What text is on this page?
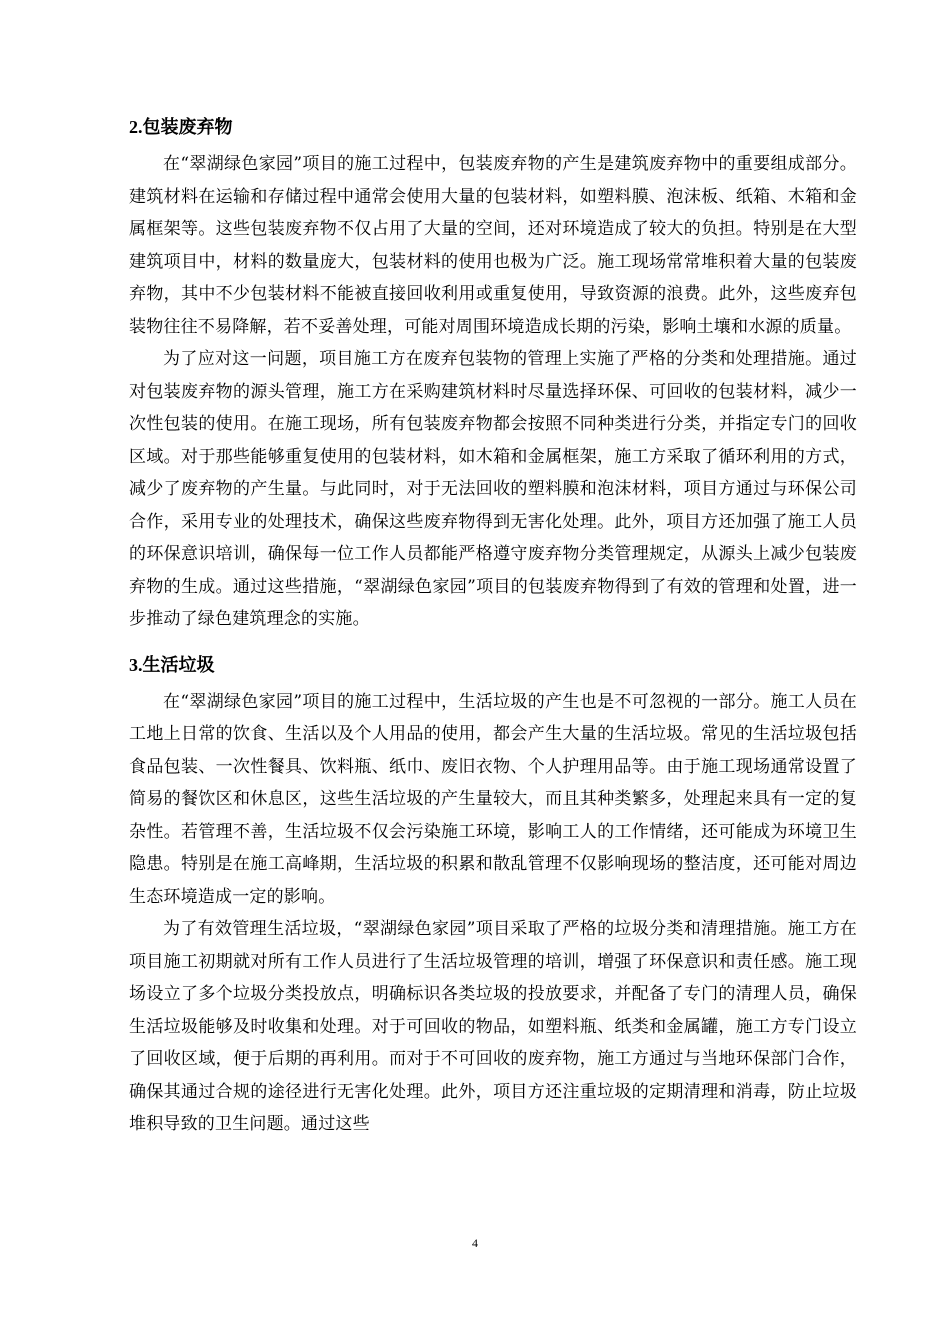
2.包装废弃物

在“翠湖绿色家园”项目的施工过程中，包装废弃物的产生是建筑废弃物中的重要组成部分。建筑材料在运输和存储过程中通常会使用大量的包装材料，如塑料膜、泡沫板、纸箱、木箱和金属框架等。这些包装废弃物不仅占用了大量的空间，还对环境造成了较大的负担。特别是在大型建筑项目中，材料的数量庞大，包装材料的使用也极为广泛。施工现场常常堆积着大量的包装废弃物，其中不少包装材料不能被直接回收利用或重复使用，导致资源的浪费。此外，这些废弃包装物往往不易降解，若不妥善处理，可能对周围环境造成长期的污染，影响土壤和水源的质量。

为了应对这一问题，项目施工方在废弃包装物的管理上实施了严格的分类和处理措施。通过对包装废弃物的源头管理，施工方在采购建筑材料时尽量选择环保、可回收的包装材料，减少一次性包装的使用。在施工现场，所有包装废弃物都会按照不同种类进行分类，并指定专门的回收区域。对于那些能够重复使用的包装材料，如木箱和金属框架，施工方采取了循环利用的方式，减少了废弃物的产生量。与此同时，对于无法回收的塑料膜和泡沫材料，项目方通过与环保公司合作，采用专业的处理技术，确保这些废弃物得到无害化处理。此外，项目方还加强了施工人员的环保意识培训，确保每一位工作人员都能严格遵守废弃物分类管理规定，从源头上减少包装废弃物的生成。通过这些措施，“翠湖绿色家园”项目的包装废弃物得到了有效的管理和处置，进一步推动了绿色建筑理念的实施。

3.生活垃圾

在“翠湖绿色家园”项目的施工过程中，生活垃圾的产生也是不可忽视的一部分。施工人员在工地上日常的饮食、生活以及个人用品的使用，都会产生大量的生活垃圾。常见的生活垃圾包括食品包装、一次性餐具、饮料瓶、纸巾、废旧衣物、个人护理用品等。由于施工现场通常设置了简易的餐饮区和休息区，这些生活垃圾的产生量较大，而且其种类繁多，处理起来具有一定的复杂性。若管理不善，生活垃圾不仅会污染施工环境，影响工人的工作情绪，还可能成为环境卫生隐患。特别是在施工高峰期，生活垃圾的积累和散乱管理不仅影响现场的整洁度，还可能对周边生态环境造成一定的影响。

为了有效管理生活垃圾，“翠湖绿色家园”项目采取了严格的垃圾分类和清理措施。施工方在项目施工初期就对所有工作人员进行了生活垃圾管理的培训，增强了环保意识和责任感。施工现场设立了多个垃圾分类投放点，明确标识各类垃圾的投放要求，并配备了专门的清理人员，确保生活垃圾能够及时收集和处理。对于可回收的物品，如塑料瓶、纸类和金属罐，施工方专门设立了回收区域，便于后期的再利用。而对于不可回收的废弃物，施工方通过与当地环保部门合作，确保其通过合规的途径进行无害化处理。此外，项目方还注重垃圾的定期清理和消毒，防止垃圾堆积导致的卫生问题。通过这些

4
